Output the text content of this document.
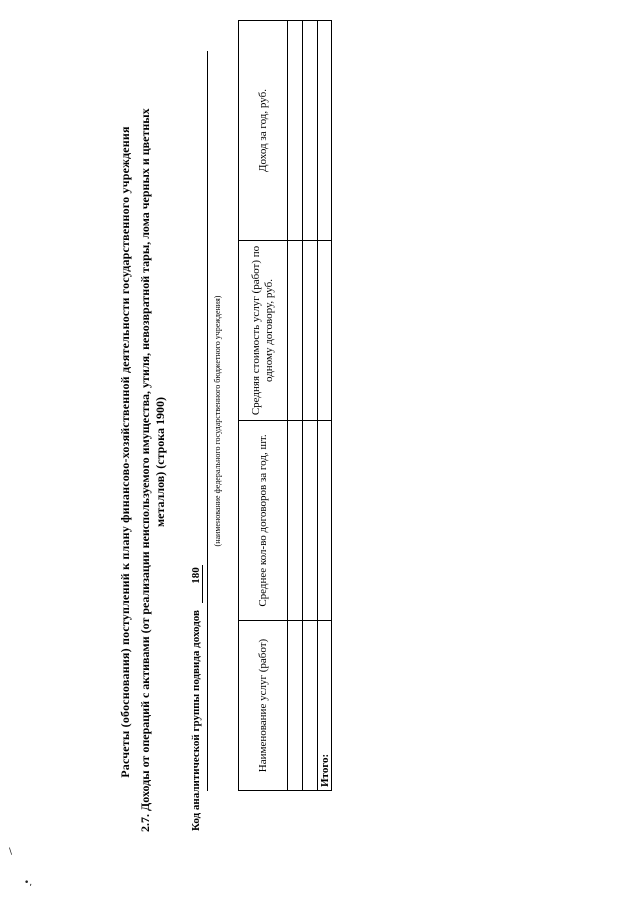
Расчеты (обоснования) поступлений к плану финансово-хозяйственной деятельности государственного учреждения 2.7. Доходы от операций с активами (от реализации неиспользуемого имущества, утиля, невозвратной тары, лома черных и цветных металлов) (строка 1900)
Код аналитической группы подвида доходов 180
(наименование федерального государственного бюджетного учреждения)
Наименование услуг (работ)	Среднее кол-во договоров за год, шт.	Средняя стоимость услуг (работ) по одному договору, руб.	Доход за год, руб.

Итого:			
\
•,
